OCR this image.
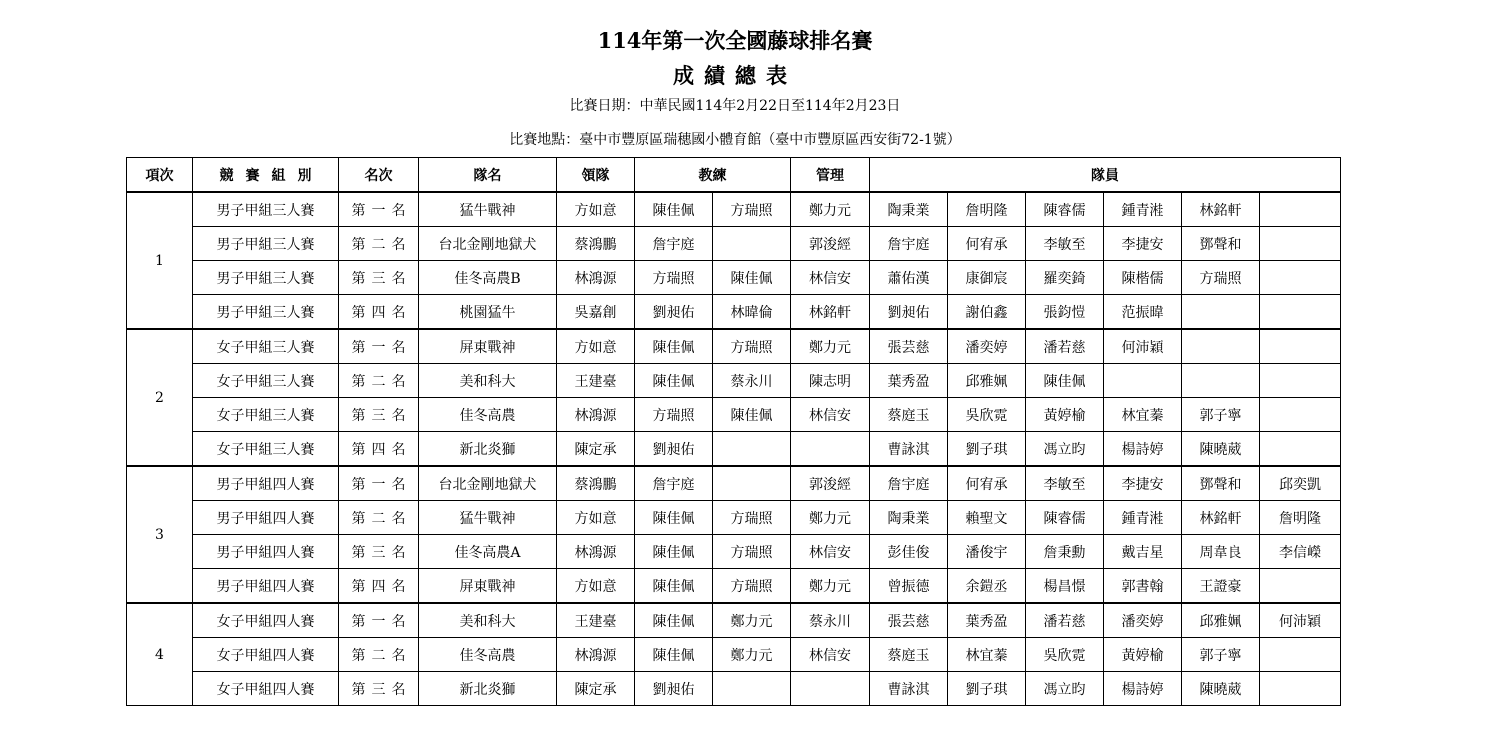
114年第一次全國藤球排名賽
成績總表
比賽日期：中華民國114年2月22日至114年2月23日
比賽地點：臺中市豐原區瑞穗國小體育館（臺中市豐原區西安街72-1號）
項次	競賽組別	名次	隊名	領隊	教練		管理	隊員					
1	男子甲組三人賽	第一名	猛牛戰神	方如意	陳佳佩	方瑞照	鄭力元	陶秉業	詹明隆	陳睿儒	鍾青溎	林銘軒	
	男子甲組三人賽	第二名	台北金剛地獄犬	蔡鴻鵬	詹宇庭		郭浚經	詹宇庭	何宥承	李敏至	李捷安	鄧聲和	
	男子甲組三人賽	第三名	佳冬高農B	林鴻源	方瑞照	陳佳佩	林信安	蕭佑漢	康御宸	羅奕錡	陳楷儒	方瑞照	
	男子甲組三人賽	第四名	桃園猛牛	吳嘉創	劉昶佑	林暐倫	林銘軒	劉昶佑	謝伯鑫	張鈞愷	范振暐		
2	女子甲組三人賽	第一名	屏東戰神	方如意	陳佳佩	方瑞照	鄭力元	張芸慈	潘奕婷	潘若慈	何沛穎		
	女子甲組三人賽	第二名	美和科大	王建臺	陳佳佩	蔡永川	陳志明	葉秀盈	邱雅姵	陳佳佩			
	女子甲組三人賽	第三名	佳冬高農	林鴻源	方瑞照	陳佳佩	林信安	蔡庭玉	吳欣霓	黃婷榆	林宜蓁	郭子寧	
	女子甲組三人賽	第四名	新北炎獅	陳定承	劉昶佑			曹詠淇	劉子琪	馮立昀	楊詩婷	陳曉葳	
3	男子甲組四人賽	第一名	台北金剛地獄犬	蔡鴻鵬	詹宇庭		郭浚經	詹宇庭	何宥承	李敏至	李捷安	鄧聲和	邱奕凱
	男子甲組四人賽	第二名	猛牛戰神	方如意	陳佳佩	方瑞照	鄭力元	陶秉業	賴聖文	陳睿儒	鍾青溎	林銘軒	詹明隆
	男子甲組四人賽	第三名	佳冬高農A	林鴻源	陳佳佩	方瑞照	林信安	彭佳俊	潘俊宇	詹秉勳	戴吉星	周韋良	李信嶸
	男子甲組四人賽	第四名	屏東戰神	方如意	陳佳佩	方瑞照	鄭力元	曾振德	余鎧丞	楊昌憬	郭書翰	王證豪	
4	女子甲組四人賽	第一名	美和科大	王建臺	陳佳佩	鄭力元	蔡永川	張芸慈	葉秀盈	潘若慈	潘奕婷	邱雅姵	何沛穎
	女子甲組四人賽	第二名	佳冬高農	林鴻源	陳佳佩	鄭力元	林信安	蔡庭玉	林宜蓁	吳欣霓	黃婷榆	郭子寧	
	女子甲組四人賽	第三名	新北炎獅	陳定承	劉昶佑			曹詠淇	劉子琪	馮立昀	楊詩婷	陳曉葳	
